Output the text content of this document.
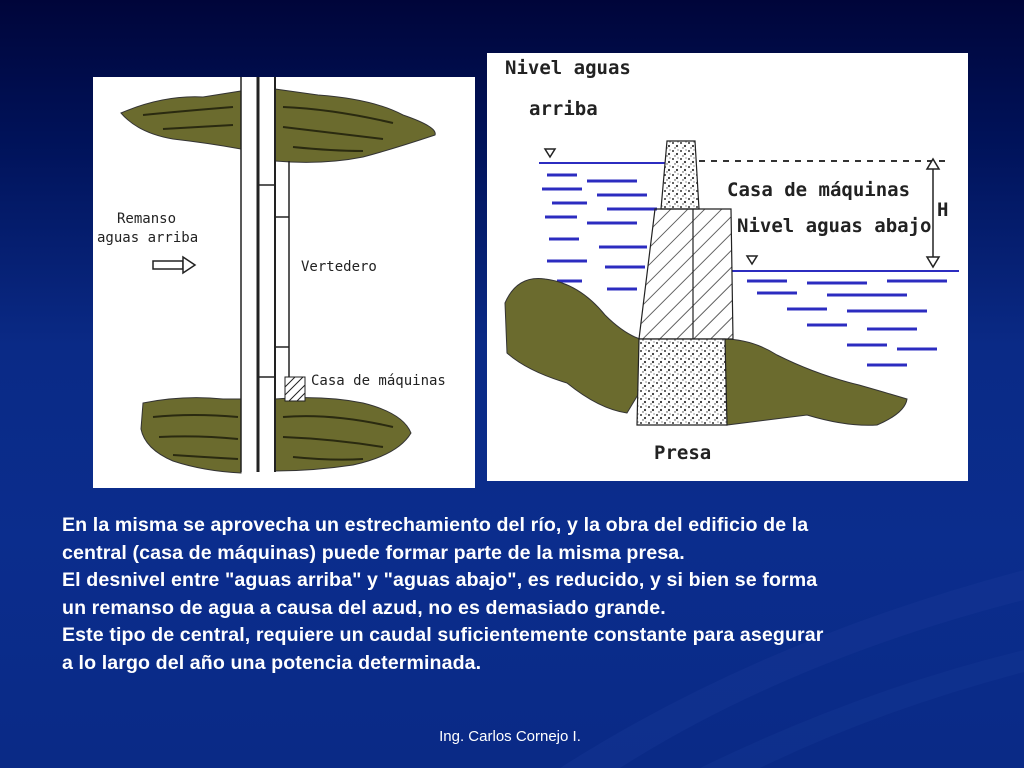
Remanso
aguas arriba
Vertedero
Casa de máquinas
Nivel aguas
arriba
Casa de máquinas
Nivel aguas abajo
H
Presa

En la misma se aprovecha un estrechamiento del río, y la obra del edificio de la

central (casa de máquinas) puede formar parte de la misma presa.

El desnivel entre "aguas arriba" y "aguas abajo", es reducido, y si bien se forma

un remanso de agua a causa del azud, no es demasiado grande.

Este tipo de central, requiere un caudal suficientemente constante para asegurar

a lo largo del año una potencia determinada.

Ing. Carlos Cornejo I.
